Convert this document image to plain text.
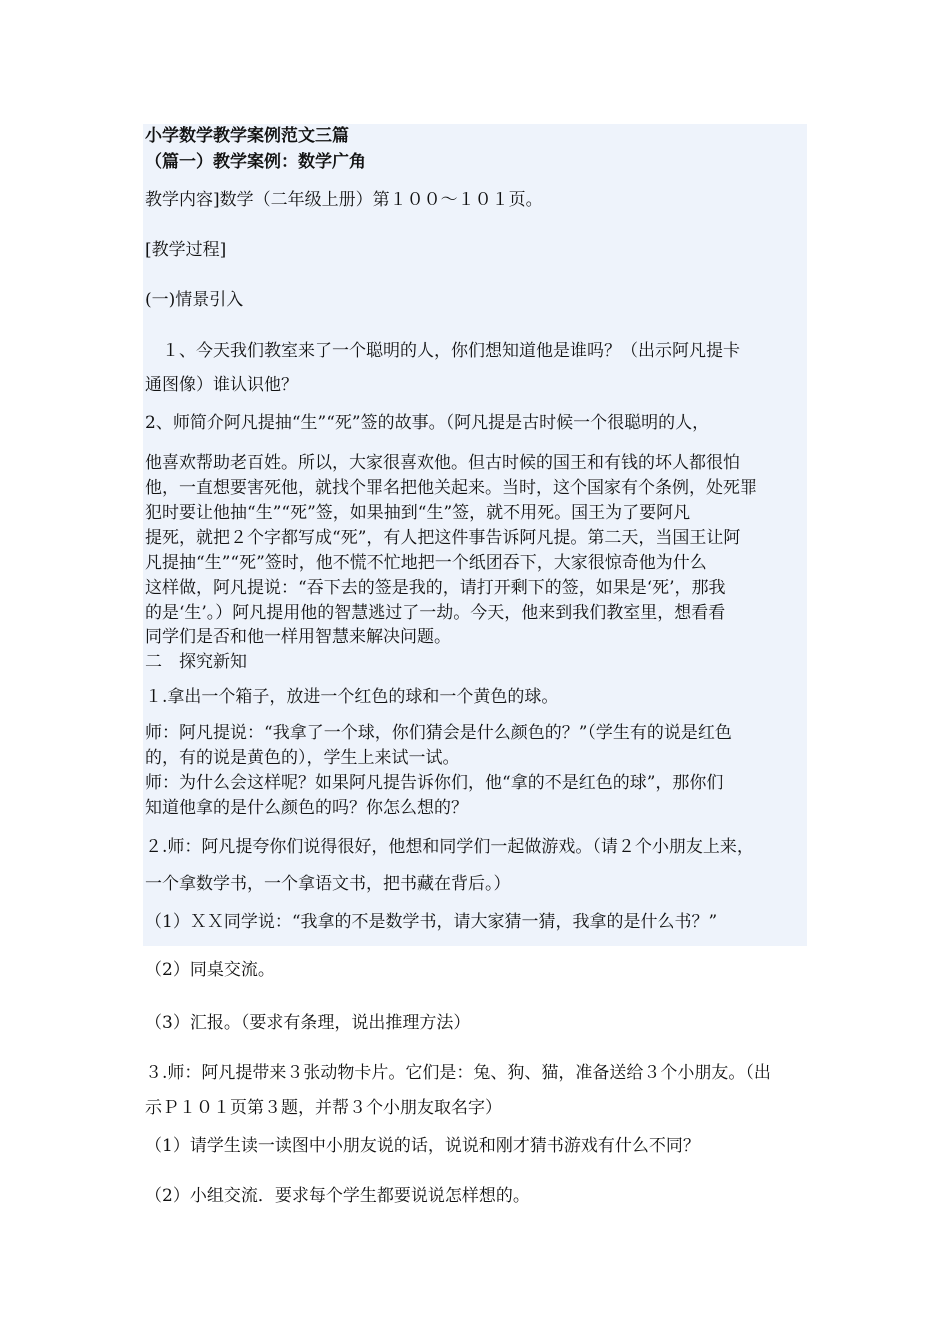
小学数学教学案例范文三篇
（篇一）教学案例：数学广角
教学内容]数学（二年级上册）第１００～１０１页。
[教学过程]
(一)情景引入
　１、今天我们教室来了一个聪明的人，你们想知道他是谁吗？（出示阿凡提卡
通图像）谁认识他？
2、师简介阿凡提抽“生”“死”签的故事。（阿凡提是古时候一个很聪明的人，
他喜欢帮助老百姓。所以，大家很喜欢他。但古时候的国王和有钱的坏人都很怕
他，一直想要害死他，就找个罪名把他关起来。当时，这个国家有个条例，处死罪
犯时要让他抽“生”“死”签，如果抽到“生”签，就不用死。国王为了要阿凡
提死，就把２个字都写成“死”，有人把这件事告诉阿凡提。第二天，当国王让阿
凡提抽“生”“死”签时，他不慌不忙地把一个纸团吞下，大家很惊奇他为什么
这样做，阿凡提说：“吞下去的签是我的，请打开剩下的签，如果是‘死’，那我
的是‘生’。）阿凡提用他的智慧逃过了一劫。今天，他来到我们教室里，想看看
同学们是否和他一样用智慧来解决问题。
二　探究新知
１.拿出一个箱子，放进一个红色的球和一个黄色的球。
师：阿凡提说：“我拿了一个球，你们猜会是什么颜色的？”（学生有的说是红色
的，有的说是黄色的），学生上来试一试。
师：为什么会这样呢？如果阿凡提告诉你们，他“拿的不是红色的球”，那你们
知道他拿的是什么颜色的吗？你怎么想的？
２.师：阿凡提夸你们说得很好，他想和同学们一起做游戏。（请２个小朋友上来，
一个拿数学书，一个拿语文书，把书藏在背后。）
（1）ＸＸ同学说：“我拿的不是数学书，请大家猜一猜，我拿的是什么书？”
（2）同桌交流。
（3）汇报。（要求有条理，说出推理方法）
３.师：阿凡提带来３张动物卡片。它们是：兔、狗、猫，准备送给３个小朋友。（出
示Ｐ１０１页第３题，并帮３个小朋友取名字）
（1）请学生读一读图中小朋友说的话，说说和刚才猜书游戏有什么不同？
（2）小组交流．要求每个学生都要说说怎样想的。
